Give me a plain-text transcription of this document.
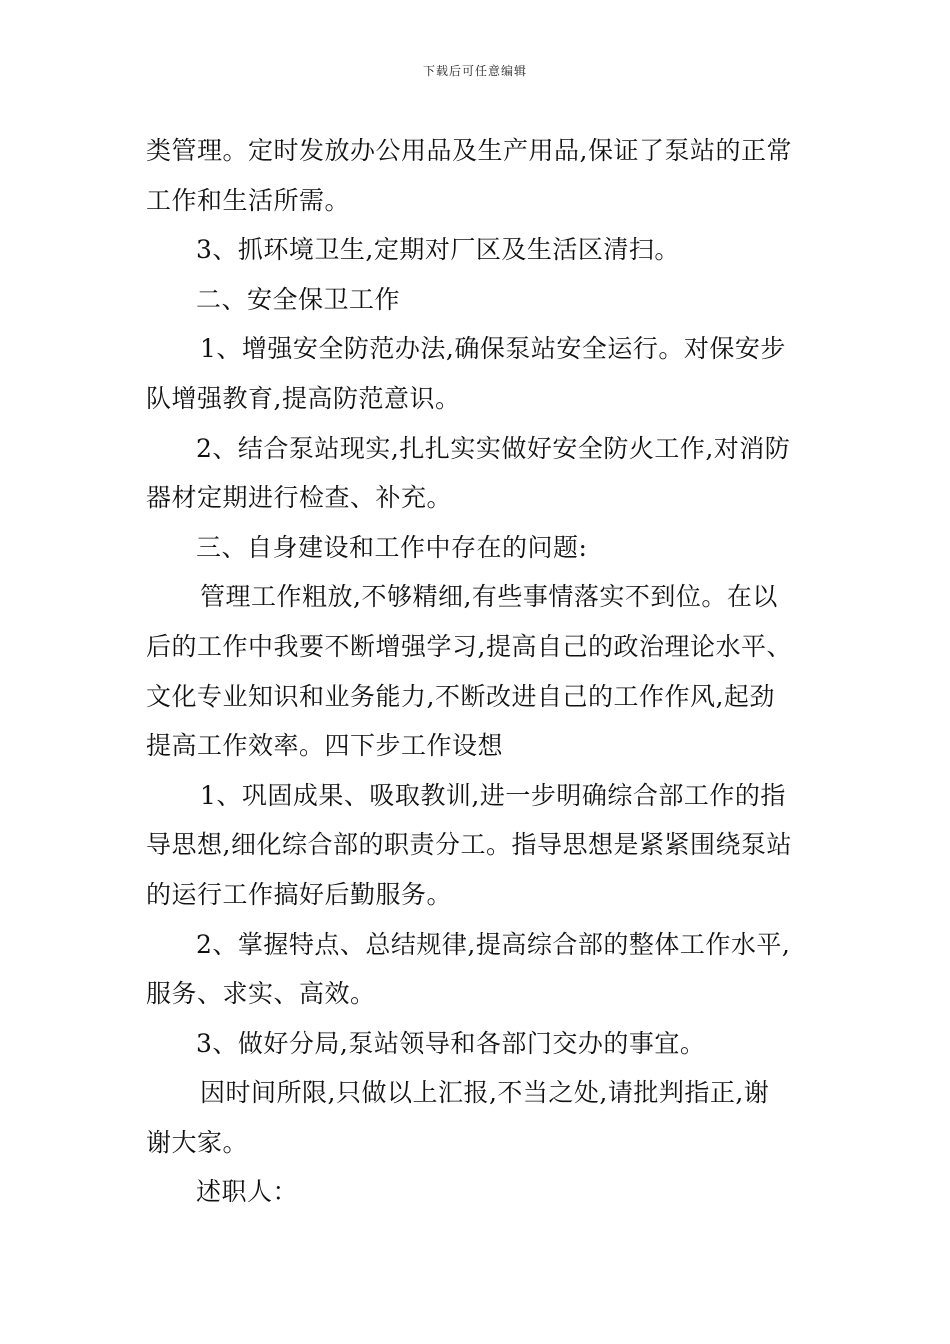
下载后可任意编辑

类管理。定时发放办公用品及生产用品,保证了泵站的正常

工作和生活所需。

3、抓环境卫生,定期对厂区及生活区清扫。

二、安全保卫工作

1、增强安全防范办法,确保泵站安全运行。对保安步

队增强教育,提高防范意识。

2、结合泵站现实,扎扎实实做好安全防火工作,对消防

器材定期进行检查、补充。

三、自身建设和工作中存在的问题:

管理工作粗放,不够精细,有些事情落实不到位。在以

后的工作中我要不断增强学习,提高自己的政治理论水平、

文化专业知识和业务能力,不断改进自己的工作作风,起劲

提高工作效率。四下步工作设想

1、巩固成果、吸取教训,进一步明确综合部工作的指

导思想,细化综合部的职责分工。指导思想是紧紧围绕泵站

的运行工作搞好后勤服务。

2、掌握特点、总结规律,提高综合部的整体工作水平,

服务、求实、高效。

3、做好分局,泵站领导和各部门交办的事宜。

因时间所限,只做以上汇报,不当之处,请批判指正,谢

谢大家。

述职人：
